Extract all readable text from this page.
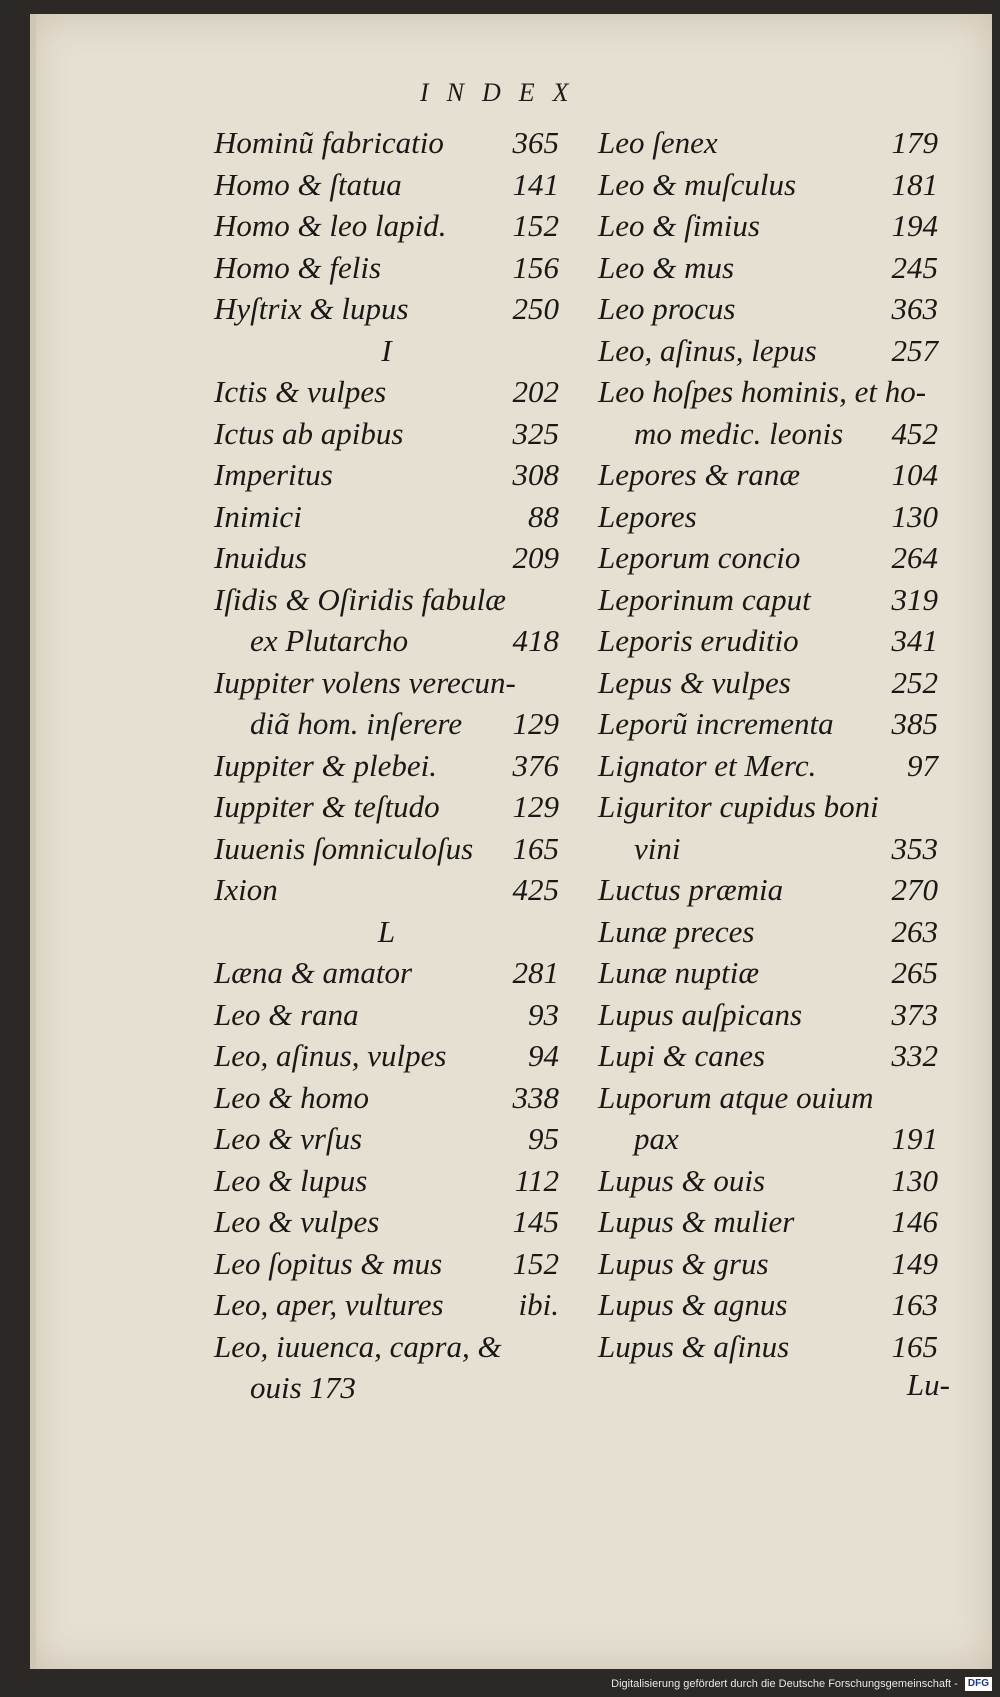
INDEX
Hominũ fabricatio 365
Homo & ſtatua	141
Homo & leo lapid. 152
Homo & felis	156
Hyſtrix & lupus	250
I
Ictis & vulpes	202
Ictus ab apibus	325
Imperitus	308
Inimici	88
Inuidus	209
Iſidis & Oſiridis fabulæ
ex Plutarcho	418
Iuppiter volens verecun-
diã hom. inſerere 129
Iuppiter & plebei. 376
Iuppiter & teſtudo 129
Iuuenis ſomniculoſus 165
Ixion	425
L
Læna & amator	281
Leo & rana	93
Leo, aſinus, vulpes	94
Leo & homo	338
Leo & vrſus	95
Leo & lupus	112
Leo & vulpes	145
Leo ſopitus & mus 152
Leo, aper, vultures ibi.
Leo, iuuenca, capra, &
ouis 173
Leo ſenex	179
Leo & muſculus	181
Leo & ſimius	194
Leo & mus	245
Leo procus	363
Leo, aſinus, lepus 257
Leo hoſpes hominis, et ho-
mo medic. leonis 452
Lepores & ranæ	104
Lepores	130
Leporum concio	264
Leporinum caput	319
Leporis eruditio	341
Lepus & vulpes	252
Leporũ incrementa 385
Lignator et Merc.	97
Liguritor cupidus boni
vini	353
Luctus præmia	270
Lunæ preces	263
Lunæ nuptiæ	265
Lupus auſpicans	373
Lupi & canes	332
Luporum atque ouium
pax	191
Lupus & ouis	130
Lupus & mulier	146
Lupus & grus	149
Lupus & agnus	163
Lupus & aſinus	165
Lu-
Digitalisierung gefördert durch die Deutsche Forschungsgemeinschaft - DFG
